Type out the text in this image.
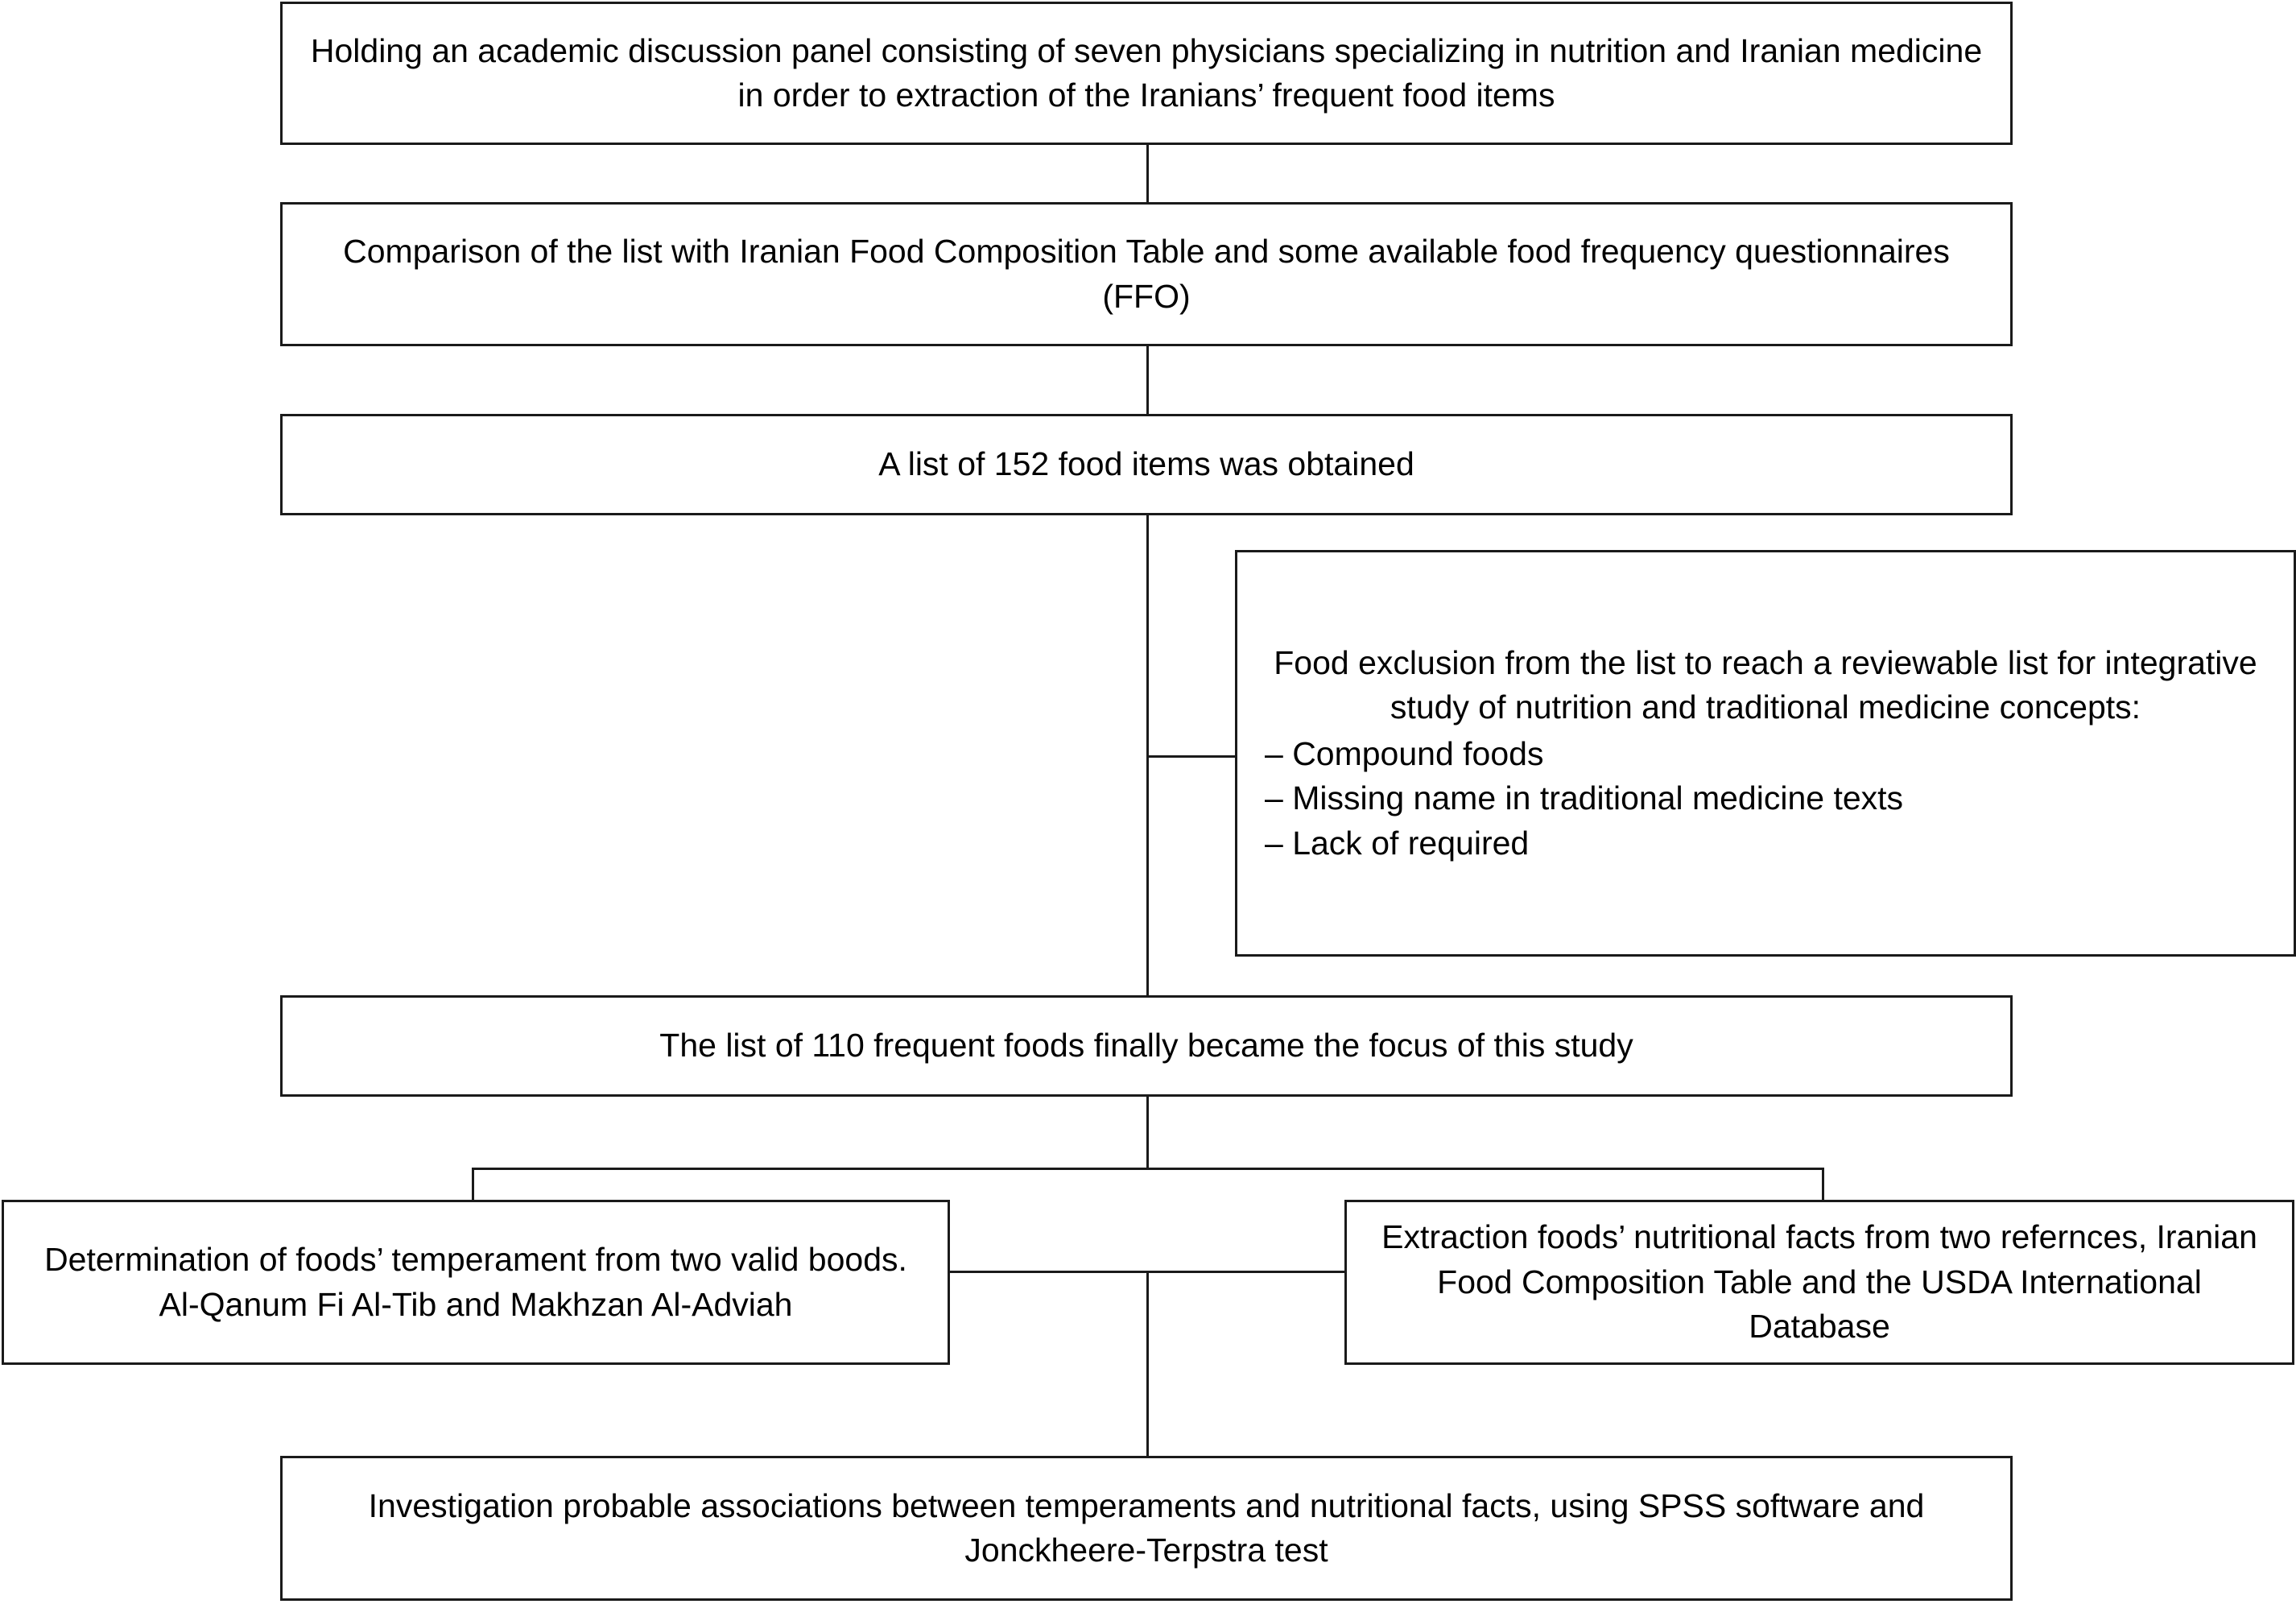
Holding an academic discussion panel consisting of seven physicians specializing in nutrition and Iranian medicine in order to extraction of the Iranians’ frequent food items
Comparison of the list with Iranian Food Composition Table and some available food frequency questionnaires (FFO)
A list of 152 food items was obtained
Food exclusion from the list to reach a reviewable list for integrative study of nutrition and traditional medicine concepts:
– Compound foods
– Missing name in traditional medicine texts
– Lack of required
The list of 110 frequent foods finally became the focus of this study
Determination of foods’ temperament from two valid boods. Al-Qanum Fi Al-Tib and Makhzan Al-Adviah
Extraction foods’ nutritional facts from two refernces, Iranian Food Composition Table and the USDA International Database
Investigation probable associations between temperaments and nutritional facts, using SPSS software and Jonckheere-Terpstra test
